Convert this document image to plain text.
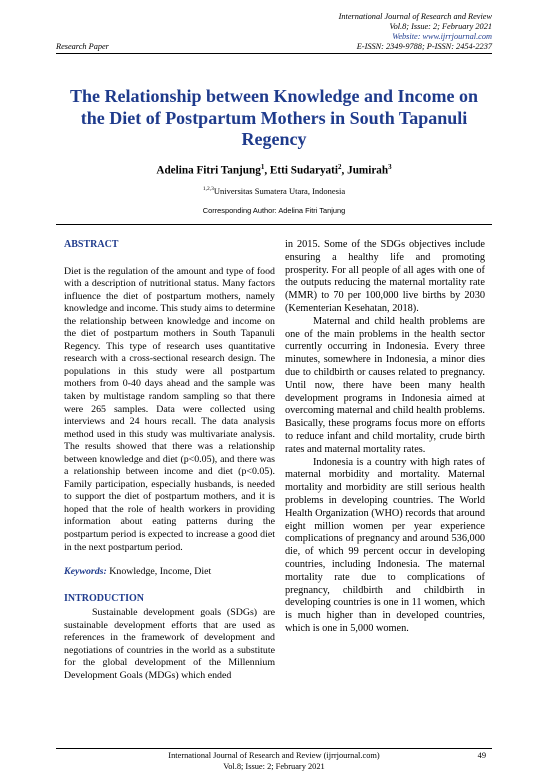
International Journal of Research and Review
Vol.8; Issue: 2; February 2021
Website: www.ijrrjournal.com
E-ISSN: 2349-9788; P-ISSN: 2454-2237
Research Paper
The Relationship between Knowledge and Income on the Diet of Postpartum Mothers in South Tapanuli Regency
Adelina Fitri Tanjung$^1$, Etti Sudaryati$^2$, Jumirah$^3$
$^{1,2,3}$Universitas Sumatera Utara, Indonesia
Corresponding Author: Adelina Fitri Tanjung
ABSTRACT

Diet is the regulation of the amount and type of food with a description of nutritional status. Many factors influence the diet of postpartum mothers, namely knowledge and income. This study aims to determine the relationship between knowledge and income on the diet of postpartum mothers in South Tapanuli Regency. This type of research uses quantitative research with a cross-sectional research design. The populations in this study were all postpartum mothers from 0-40 days ahead and the sample was taken by multistage random sampling so that there were 265 samples. Data were collected using interviews and 24 hours recall. The data analysis method used in this study was multivariate analysis. The results showed that there was a relationship between knowledge and diet (p<0.05), and there was a relationship between income and diet (p<0.05). Family participation, especially husbands, is needed to support the diet of postpartum mothers, and it is hoped that the role of health workers in providing information about eating patterns during the postpartum period is expected to increase a good diet in the next postpartum period.

Keywords: Knowledge, Income, Diet

INTRODUCTION

Sustainable development goals (SDGs) are sustainable development efforts that are used as references in the framework of development and negotiations of countries in the world as a substitute for the global development of the Millennium Development Goals (MDGs) which ended

in 2015. Some of the SDGs objectives include ensuring a healthy life and promoting prosperity. For all people of all ages with one of the outputs reducing the maternal mortality rate (MMR) to 70 per 100,000 live births by 2030 (Kementerian Kesehatan, 2018).

Maternal and child health problems are one of the main problems in the health sector currently occurring in Indonesia. Every three minutes, somewhere in Indonesia, a minor dies due to childbirth or causes related to pregnancy. Until now, there have been many health development programs in Indonesia aimed at overcoming maternal and child health problems. Basically, these programs focus more on efforts to reduce infant and child mortality, crude birth rates and maternal mortality rates.

Indonesia is a country with high rates of maternal morbidity and mortality. Maternal mortality and morbidity are still serious health problems in developing countries. The World Health Organization (WHO) records that around eight million women per year experience complications of pregnancy and around 536,000 die, of which 99 percent occur in developing countries, including Indonesia. The maternal mortality rate due to complications of pregnancy, childbirth and childbirth in developing countries is one in 11 women, which is much higher than in developed countries, which is one in 5,000 women.

International Journal of Research and Review (ijrrjournal.com)
Vol.8; Issue: 2; February 2021
49
